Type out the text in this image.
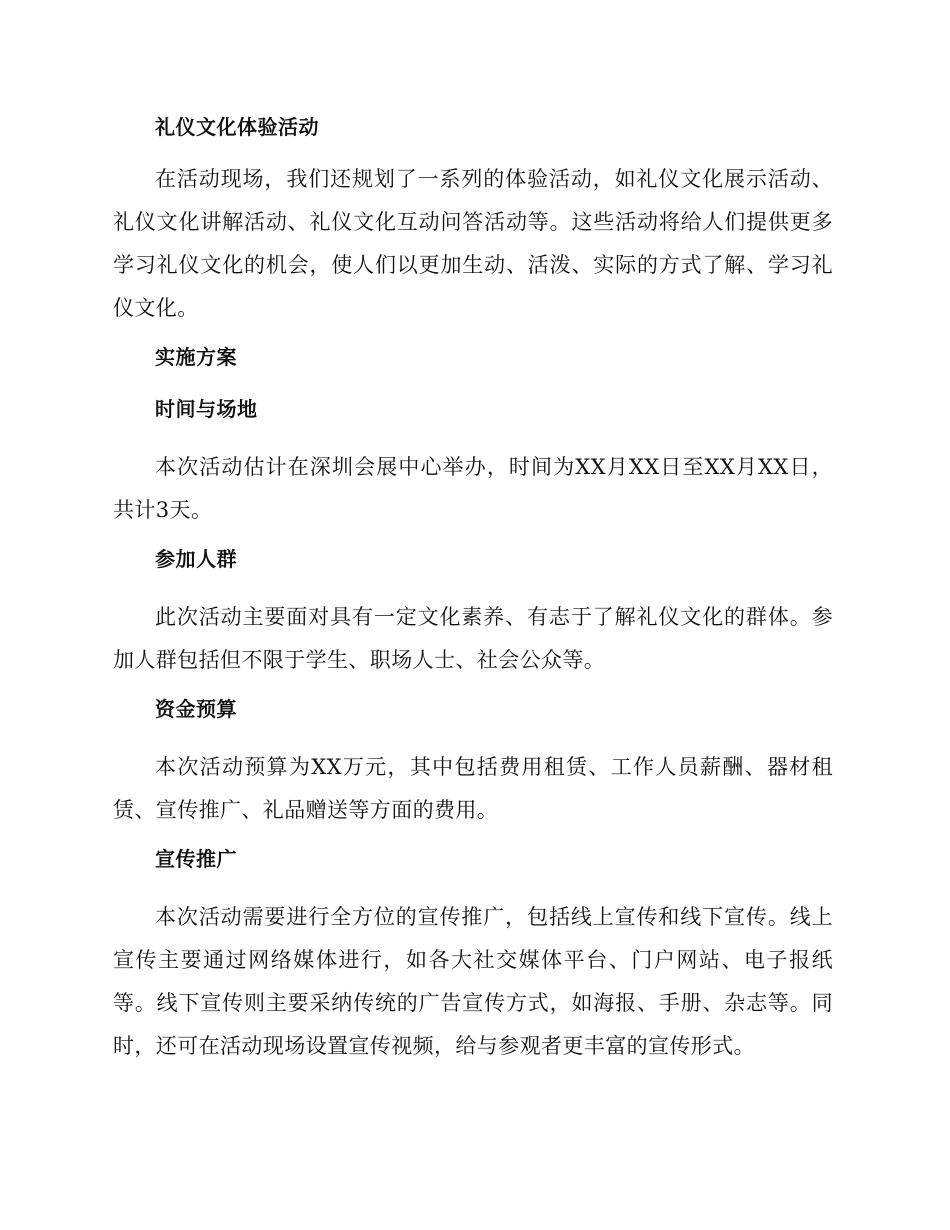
礼仪文化体验活动

在活动现场，我们还规划了一系列的体验活动，如礼仪文化展示活动、礼仪文化讲解活动、礼仪文化互动问答活动等。这些活动将给人们提供更多学习礼仪文化的机会，使人们以更加生动、活泼、实际的方式了解、学习礼仪文化。

实施方案
时间与场地

本次活动估计在深圳会展中心举办，时间为XX月XX日至XX月XX日，共计3天。

参加人群

此次活动主要面对具有一定文化素养、有志于了解礼仪文化的群体。参加人群包括但不限于学生、职场人士、社会公众等。

资金预算

本次活动预算为XX万元，其中包括费用租赁、工作人员薪酬、器材租赁、宣传推广、礼品赠送等方面的费用。

宣传推广

本次活动需要进行全方位的宣传推广，包括线上宣传和线下宣传。线上宣传主要通过网络媒体进行，如各大社交媒体平台、门户网站、电子报纸等。线下宣传则主要采纳传统的广告宣传方式，如海报、手册、杂志等。同时，还可在活动现场设置宣传视频，给与参观者更丰富的宣传形式。
